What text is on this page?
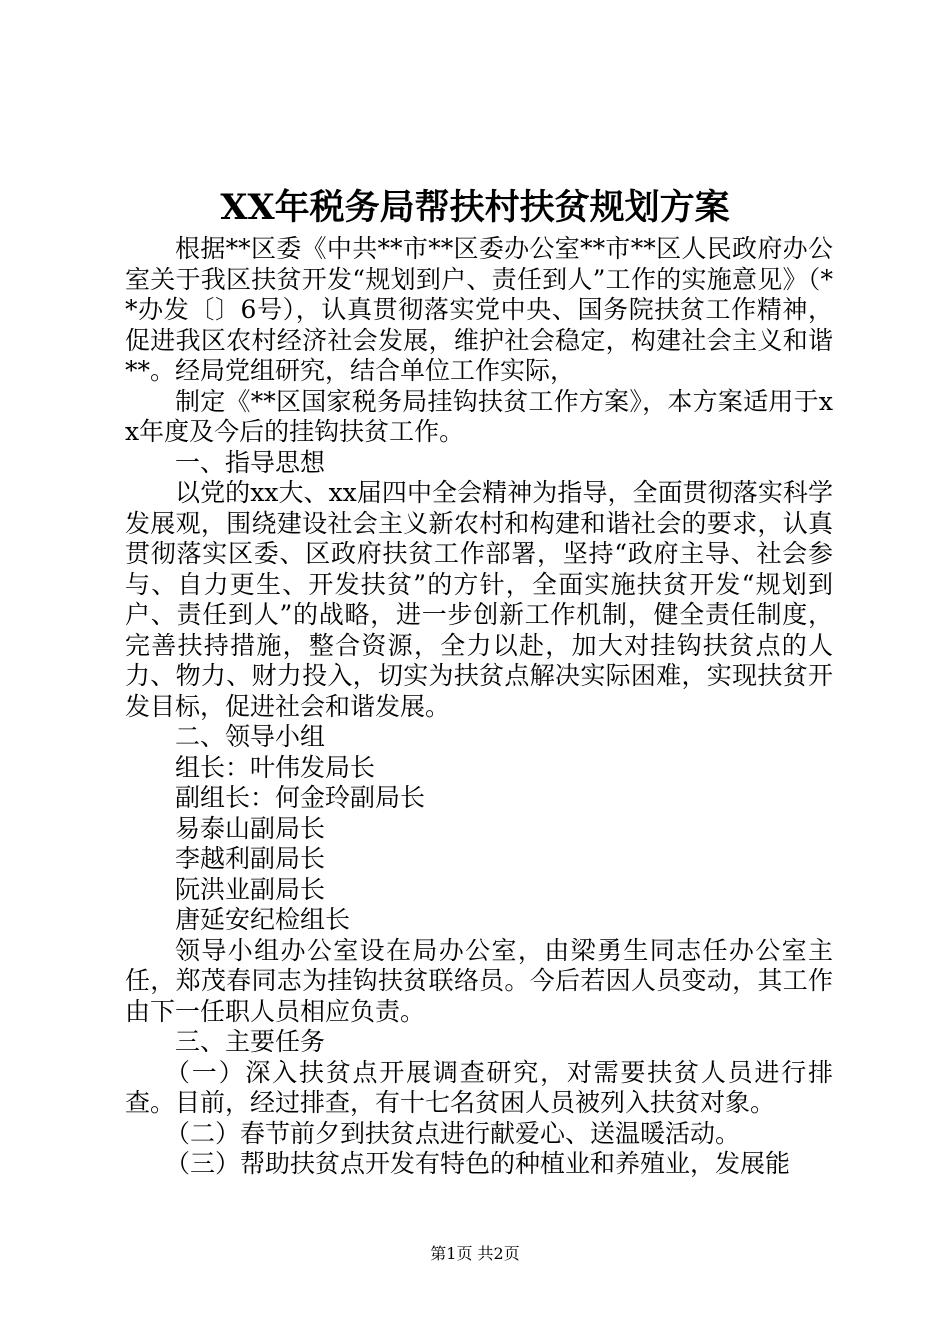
XX年税务局帮扶村扶贫规划方案

根据**区委《中共**市**区委办公室**市**区人民政府办公室关于我区扶贫开发“规划到户、责任到人”工作的实施意见》（**办发〔〕6号），认真贯彻落实党中央、国务院扶贫工作精神，促进我区农村经济社会发展，维护社会稳定，构建社会主义和谐**。经局党组研究，结合单位工作实际，

制定《**区国家税务局挂钩扶贫工作方案》，本方案适用于xx年度及今后的挂钩扶贫工作。

一、指导思想

以党的xx大、xx届四中全会精神为指导，全面贯彻落实科学发展观，围绕建设社会主义新农村和构建和谐社会的要求，认真贯彻落实区委、区政府扶贫工作部署，坚持“政府主导、社会参与、自力更生、开发扶贫”的方针，全面实施扶贫开发“规划到户、责任到人”的战略，进一步创新工作机制，健全责任制度，完善扶持措施，整合资源，全力以赴，加大对挂钩扶贫点的人力、物力、财力投入，切实为扶贫点解决实际困难，实现扶贫开发目标，促进社会和谐发展。

二、领导小组

组长：叶伟发局长

副组长：何金玲副局长

易泰山副局长

李越利副局长

阮洪业副局长

唐延安纪检组长

领导小组办公室设在局办公室，由梁勇生同志任办公室主任，郑茂春同志为挂钩扶贫联络员。今后若因人员变动，其工作由下一任职人员相应负责。

三、主要任务

（一）深入扶贫点开展调查研究，对需要扶贫人员进行排查。目前，经过排查，有十七名贫困人员被列入扶贫对象。

（二）春节前夕到扶贫点进行献爱心、送温暖活动。

（三）帮助扶贫点开发有特色的种植业和养殖业，发展能

第1页 共2页
